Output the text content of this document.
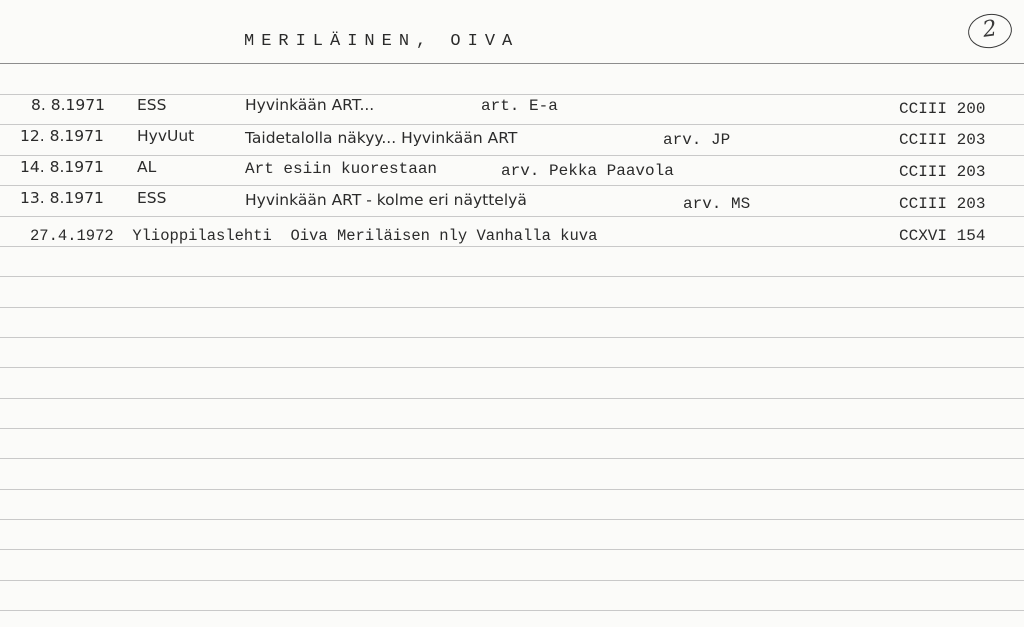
MERILÄINEN, OIVA	2
8. 8.1971 ESS	Hyvinkään ART...	art. E-a	CCIII 200
12. 8.1971 HyvUut	Taidetalolla näkyy... Hyvinkään ART	arv. JP	CCIII 203
14. 8.1971 AL	Art esiin kuorestaan	arv. Pekka Paavola	CCIII 203
13. 8.1971 ESS	Hyvinkään ART - kolme eri näyttelyä	arv. MS	CCIII 203
27.4.1972  Ylioppilaslehti  Oiva Meriläisen nly Vanhalla kuva	CCXVI 154
